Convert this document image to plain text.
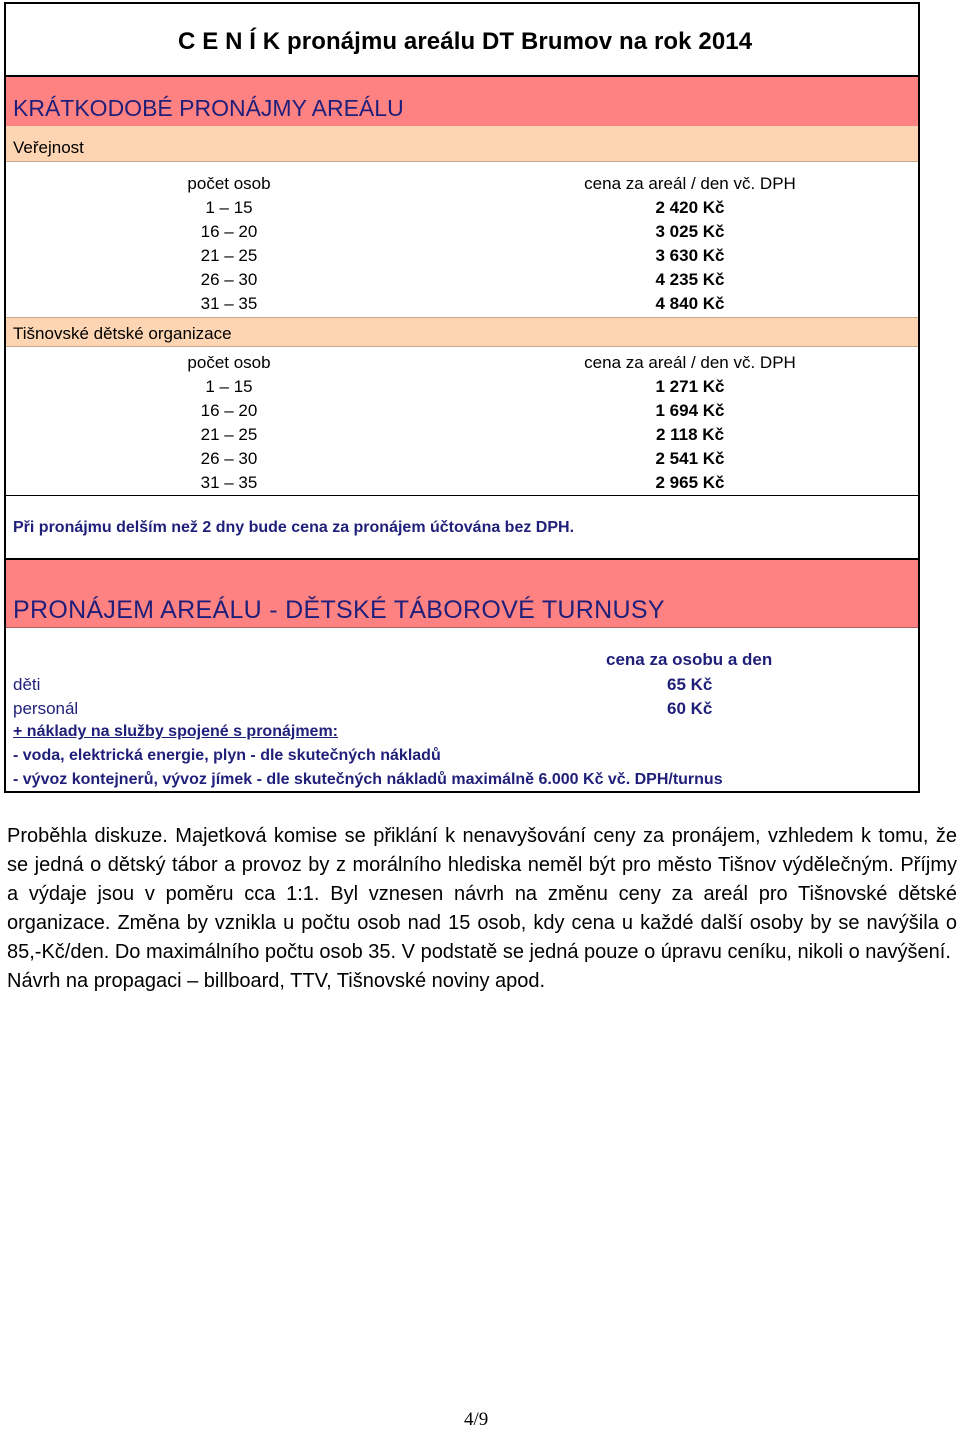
C E N Í K pronájmu areálu DT Brumov na rok 2014
KRÁTKODOBÉ PRONÁJMY AREÁLU
Veřejnost
počet osob	cena za areál / den vč. DPH
1 – 15	2 420 Kč
16 – 20	3 025 Kč
21 – 25	3 630 Kč
26 – 30	4 235 Kč
31 – 35	4 840 Kč
Tišnovské dětské organizace
počet osob	cena za areál / den vč. DPH
1 – 15	1 271 Kč
16 – 20	1 694 Kč
21 – 25	2 118 Kč
26 – 30	2 541 Kč
31 – 35	2 965 Kč
Při pronájmu delším než 2 dny bude cena za pronájem účtována bez DPH.
PRONÁJEM AREÁLU - DĚTSKÉ TÁBOROVÉ TURNUSY
cena za osobu a den
děti	65 Kč
personál	60 Kč
+ náklady na služby spojené s pronájmem:
- voda, elektrická energie, plyn - dle skutečných nákladů
- vývoz kontejnerů, vývoz jímek - dle skutečných nákladů maximálně 6.000 Kč vč. DPH/turnus

Proběhla diskuze. Majetková komise se přiklání k nenavyšování ceny za pronájem, vzhledem k tomu, že se jedná o dětský tábor a provoz by z morálního hlediska neměl být pro město Tišnov výdělečným. Příjmy a výdaje jsou v poměru cca 1:1. Byl vznesen návrh na změnu ceny za areál pro Tišnovské dětské organizace. Změna by vznikla u počtu osob nad 15 osob, kdy cena u každé další osoby by se navýšila o 85,-Kč/den. Do maximálního počtu osob 35. V podstatě se jedná pouze o úpravu ceníku, nikoli o navýšení.

Návrh na propagaci – billboard, TTV, Tišnovské noviny apod.

4/9
